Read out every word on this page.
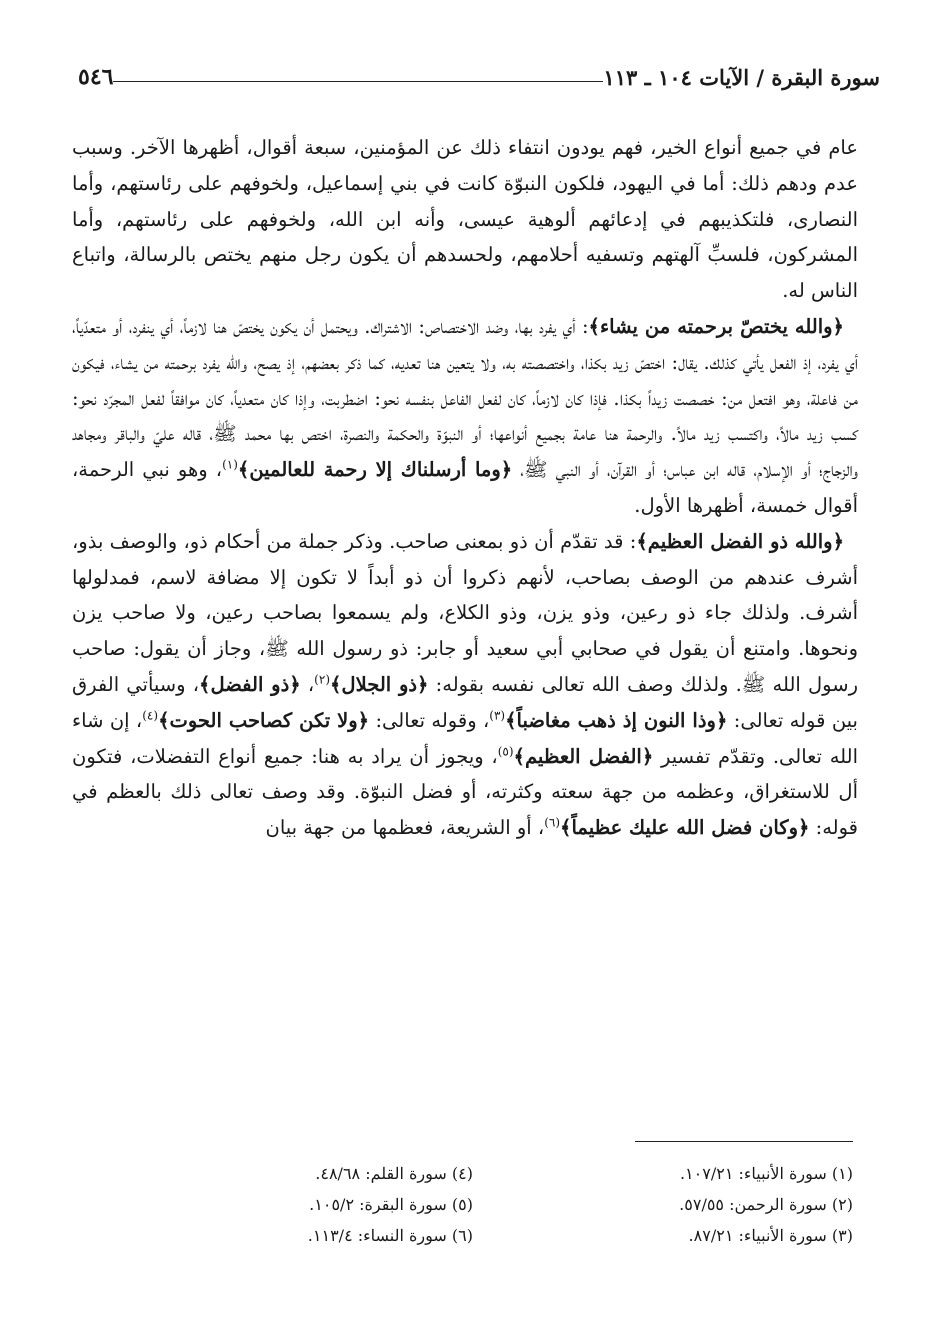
سورة البقرة / الآيات ١٠٤ ـ ١١٣
٥٤٦

عام في جميع أنواع الخير، فهم يودون انتفاء ذلك عن المؤمنين، سبعة أقوال، أظهرها الآخر. وسبب عدم ودهم ذلك: أما في اليهود، فلكون النبوّة كانت في بني إسماعيل، ولخوفهم على رئاستهم، وأما النصارى، فلتكذيبهم في إدعائهم ألوهية عيسى، وأنه ابن الله، ولخوفهم على رئاستهم، وأما المشركون، فلسبِّ آلهتهم وتسفيه أحلامهم، ولحسدهم أن يكون رجل منهم يختص بالرسالة، واتباع الناس له.

﴿والله يختصّ برحمته من يشاء﴾: أي يفرد بها، وضد الاختصاص: الاشتراك. ويحتمل أن يكون يختصّ هنا لازماً، أي ينفرد، أو متعدّياً، أي يفرد، إذ الفعل يأتي كذلك. يقال: اختصّ زيد بكذا، واختصصته به، ولا يتعين هنا تعديه، كما ذكر بعضهم، إذ يصح، والله يفرد برحمته من يشاء، فيكون من فاعلة، وهو افتعل من: خصصت زيداً بكذا. فإذا كان لازماً، كان لفعل الفاعل بنفسه نحو: اضطربت، وإذا كان متعدياً، كان موافقاً لفعل المجرّد نحو: كسب زيد مالاً، واكتسب زيد مالاً. والرحمة هنا عامة بجميع أنواعها؛ أو النبوّة والحكمة والنصرة، اختص بها محمد ﷺ، قاله عليّ والباقر ومجاهد والزجاج؛ أو الإسلام، قاله ابن عباس؛ أو القرآن، أو النبي ﷺ، ﴿وما أرسلناك إلا رحمة للعالمين﴾$^{(١)}$، وهو نبي الرحمة، أقوال خمسة، أظهرها الأول.

﴿والله ذو الفضل العظيم﴾: قد تقدّم أن ذو بمعنى صاحب. وذكر جملة من أحكام ذو، والوصف بذو، أشرف عندهم من الوصف بصاحب، لأنهم ذكروا أن ذو أبداً لا تكون إلا مضافة لاسم، فمدلولها أشرف. ولذلك جاء ذو رعين، وذو يزن، وذو الكلاع، ولم يسمعوا بصاحب رعين، ولا صاحب يزن ونحوها. وامتنع أن يقول في صحابي أبي سعيد أو جابر: ذو رسول الله ﷺ، وجاز أن يقول: صاحب رسول الله ﷺ. ولذلك وصف الله تعالى نفسه بقوله: ﴿ذو الجلال﴾$^{(٢)}$، ﴿ذو الفضل﴾، وسيأتي الفرق بين قوله تعالى: ﴿وذا النون إذ ذهب مغاضباً﴾$^{(٣)}$، وقوله تعالى: ﴿ولا تكن كصاحب الحوت﴾$^{(٤)}$، إن شاء الله تعالى. وتقدّم تفسير ﴿الفضل العظيم﴾$^{(٥)}$، ويجوز أن يراد به هنا: جميع أنواع التفضلات، فتكون أل للاستغراق، وعظمه من جهة سعته وكثرته، أو فضل النبوّة. وقد وصف تعالى ذلك بالعظم في قوله: ﴿وكان فضل الله عليك عظيماً﴾$^{(٦)}$، أو الشريعة، فعظمها من جهة بيان

(١) سورة الأنبياء: ١٠٧/٢١.
(٤) سورة القلم: ٤٨/٦٨.
(٢) سورة الرحمن: ٥٧/٥٥.
(٥) سورة البقرة: ١٠٥/٢.
(٣) سورة الأنبياء: ٨٧/٢١.
(٦) سورة النساء: ١١٣/٤.
